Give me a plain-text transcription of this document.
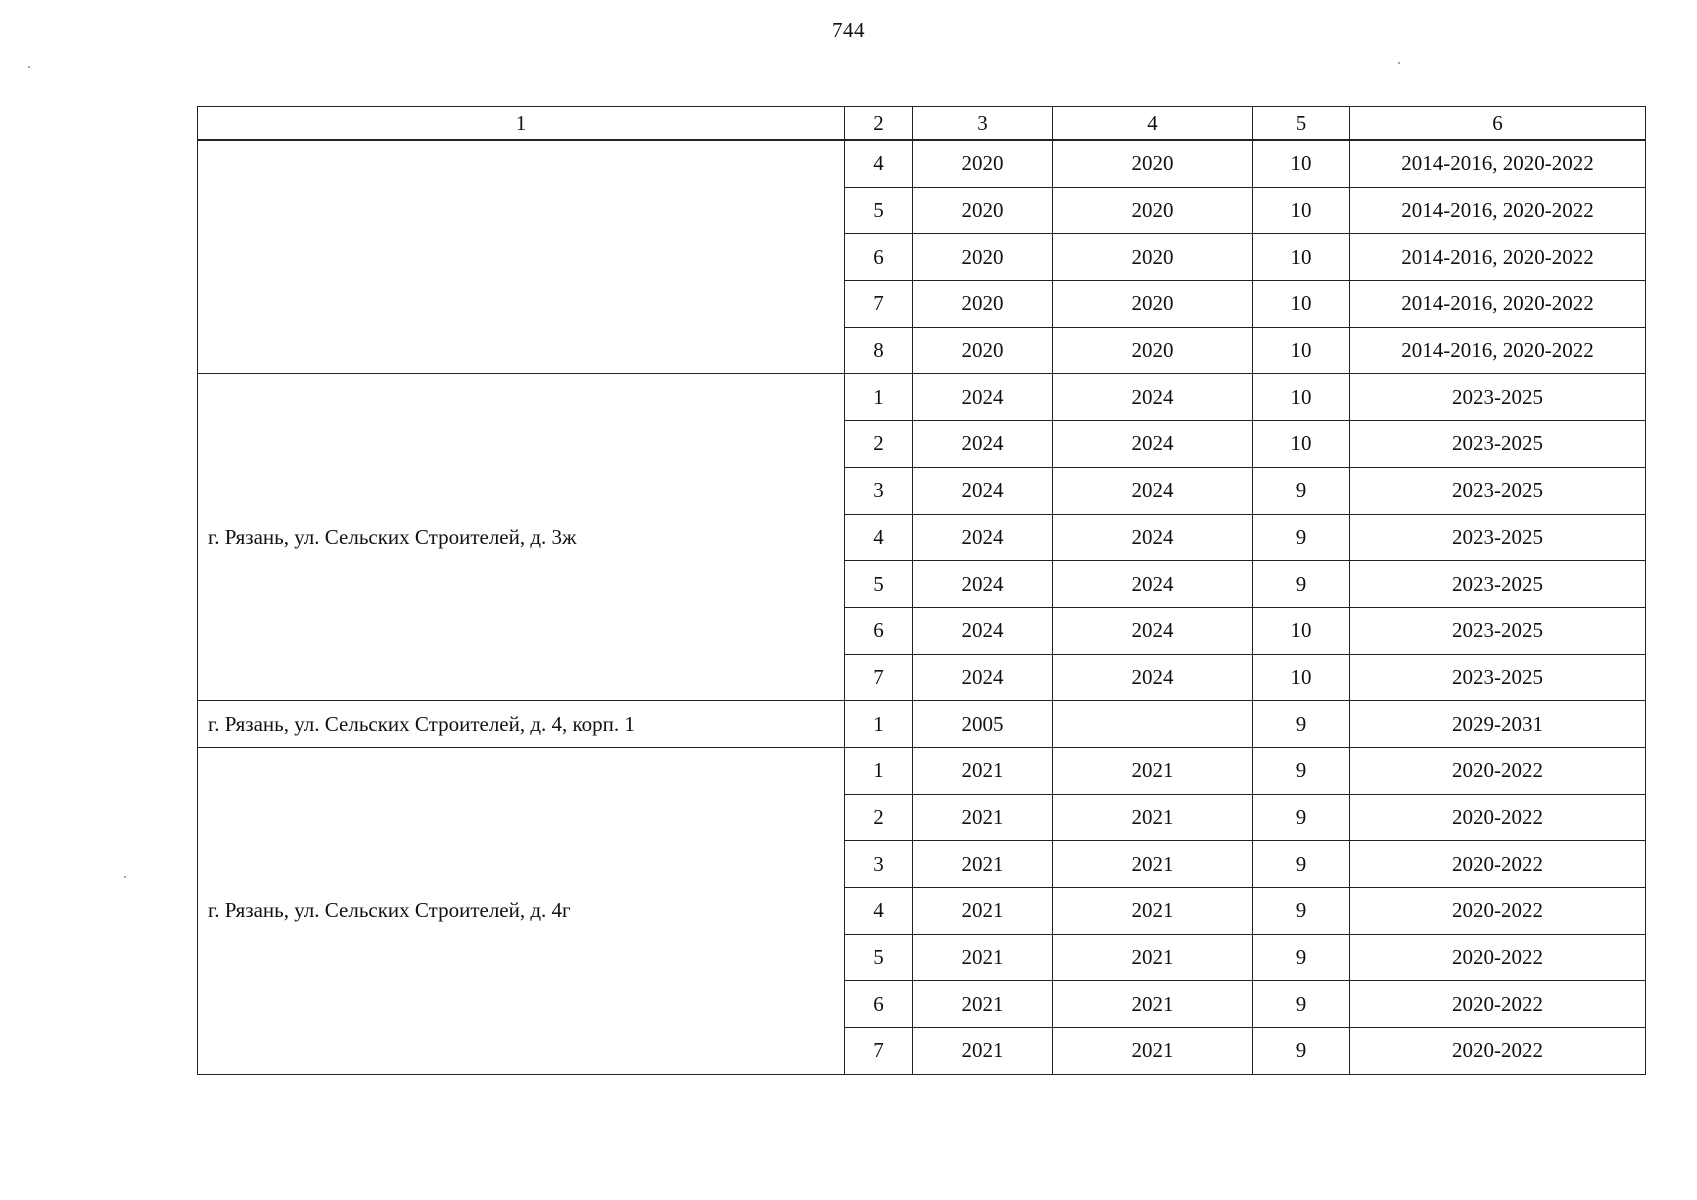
744
1	2	3	4	5	6
	4	2020	2020	10	2014-2016, 2020-2022
	5	2020	2020	10	2014-2016, 2020-2022
	6	2020	2020	10	2014-2016, 2020-2022
	7	2020	2020	10	2014-2016, 2020-2022
	8	2020	2020	10	2014-2016, 2020-2022
г. Рязань, ул. Сельских Строителей, д. 3ж	1	2024	2024	10	2023-2025
	2	2024	2024	10	2023-2025
	3	2024	2024	9	2023-2025
	4	2024	2024	9	2023-2025
	5	2024	2024	9	2023-2025
	6	2024	2024	10	2023-2025
	7	2024	2024	10	2023-2025
г. Рязань, ул. Сельских Строителей, д. 4, корп. 1	1	2005		9	2029-2031
г. Рязань, ул. Сельских Строителей, д. 4г	1	2021	2021	9	2020-2022
	2	2021	2021	9	2020-2022
	3	2021	2021	9	2020-2022
	4	2021	2021	9	2020-2022
	5	2021	2021	9	2020-2022
	6	2021	2021	9	2020-2022
	7	2021	2021	9	2020-2022
